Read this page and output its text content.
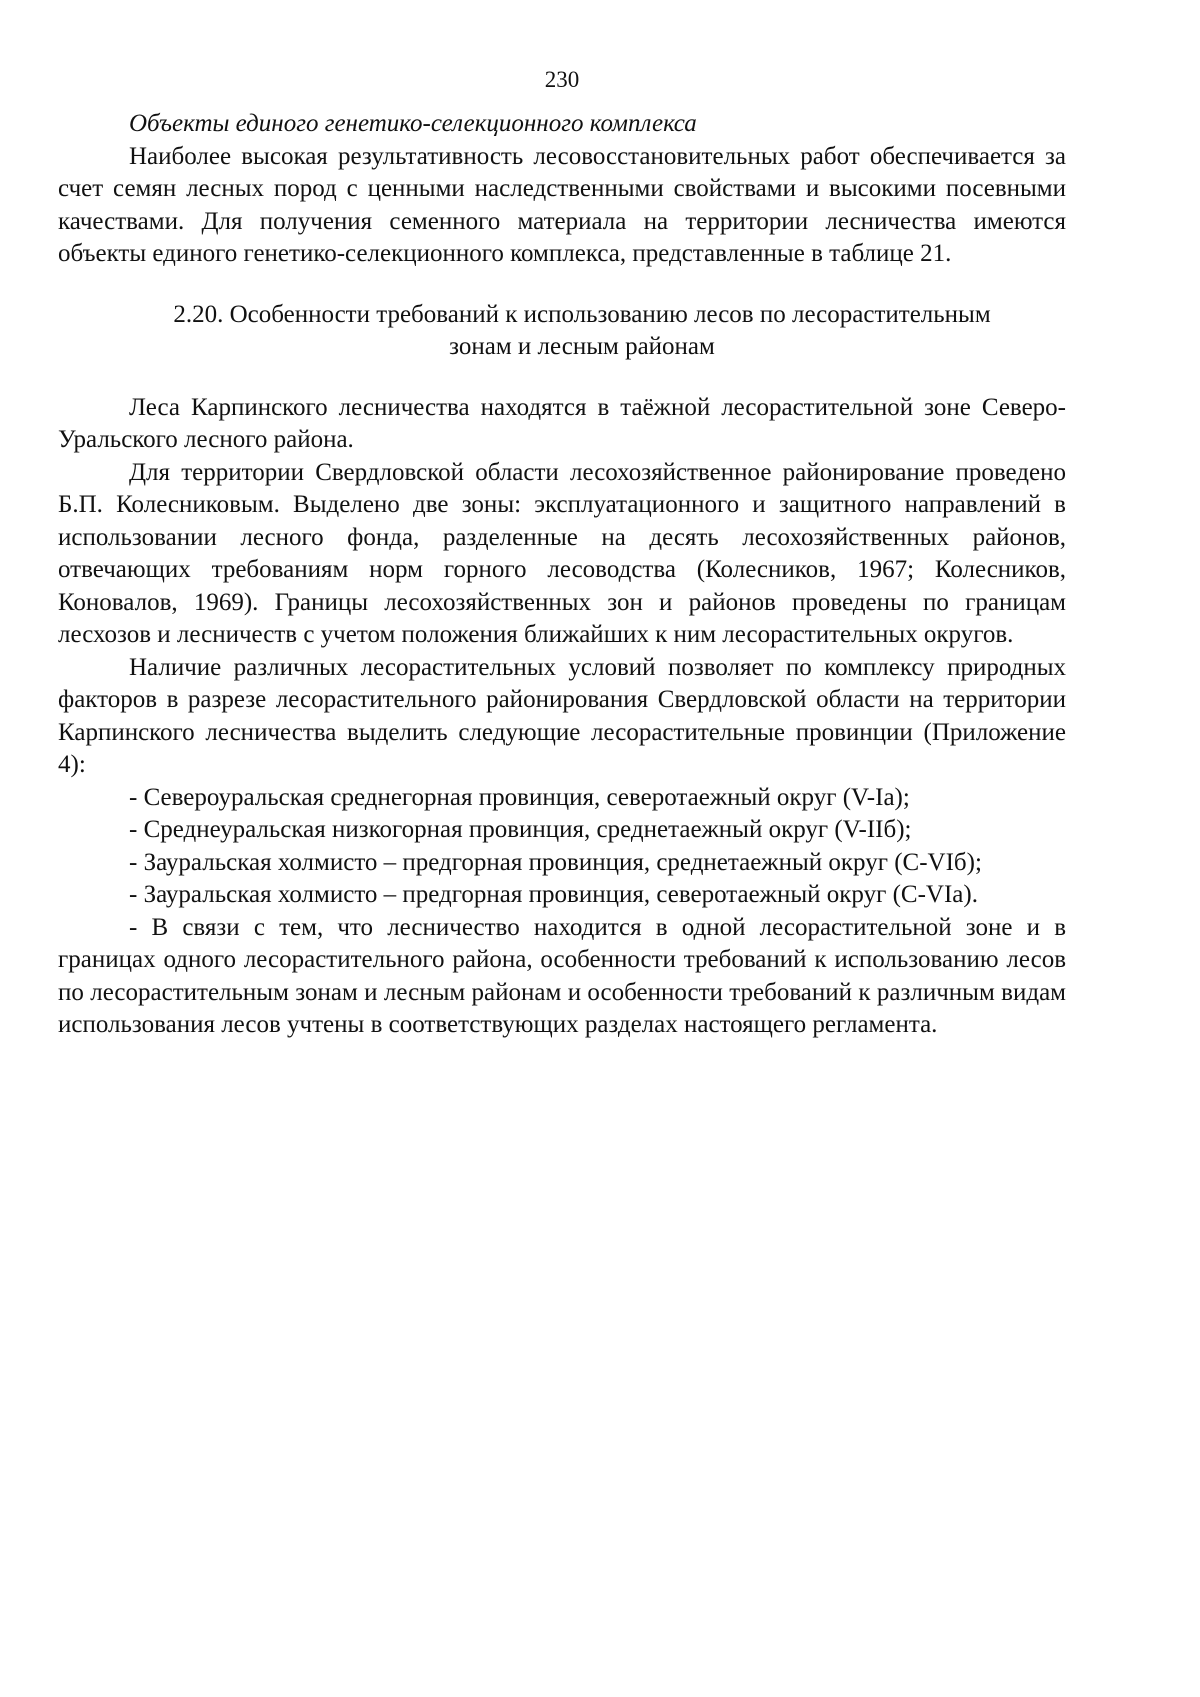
230

Объекты единого генетико-селекционного комплекса

Наиболее высокая результативность лесовосстановительных работ обеспечивается за счет семян лесных пород с ценными наследственными свойствами и высокими посевными качествами. Для получения семенного материала на территории лесничества имеются объекты единого генетико-селекционного комплекса, представленные в таблице 21.

2.20. Особенности требований к использованию лесов по лесорастительным

зонам и лесным районам

Леса Карпинского лесничества находятся в таёжной лесорастительной зоне Северо-Уральского лесного района.

Для территории Свердловской области лесохозяйственное районирование проведено Б.П. Колесниковым. Выделено две зоны: эксплуатационного и защитного направлений в использовании лесного фонда, разделенные на десять лесохозяйственных районов, отвечающих требованиям норм горного лесоводства (Колесников, 1967; Колесников, Коновалов, 1969). Границы лесохозяйственных зон и районов проведены по границам лесхозов и лесничеств с учетом положения ближайших к ним лесорастительных округов.

Наличие различных лесорастительных условий позволяет по комплексу природных факторов в разрезе лесорастительного районирования Свердловской области на территории Карпинского лесничества выделить следующие лесорастительные провинции (Приложение 4):

- Североуральская среднегорная провинция, северотаежный округ (V-Iа);

- Среднеуральская низкогорная провинция, среднетаежный округ (V-IIб);

- Зауральская холмисто – предгорная провинция, среднетаежный округ (С-VIб);

- Зауральская холмисто – предгорная провинция, северотаежный округ (С-VIа).

- В связи с тем, что лесничество находится в одной лесорастительной зоне и в границах одного лесорастительного района, особенности требований к использованию лесов по лесорастительным зонам и лесным районам и особенности требований к различным видам использования лесов учтены в соответствующих разделах настоящего регламента.
